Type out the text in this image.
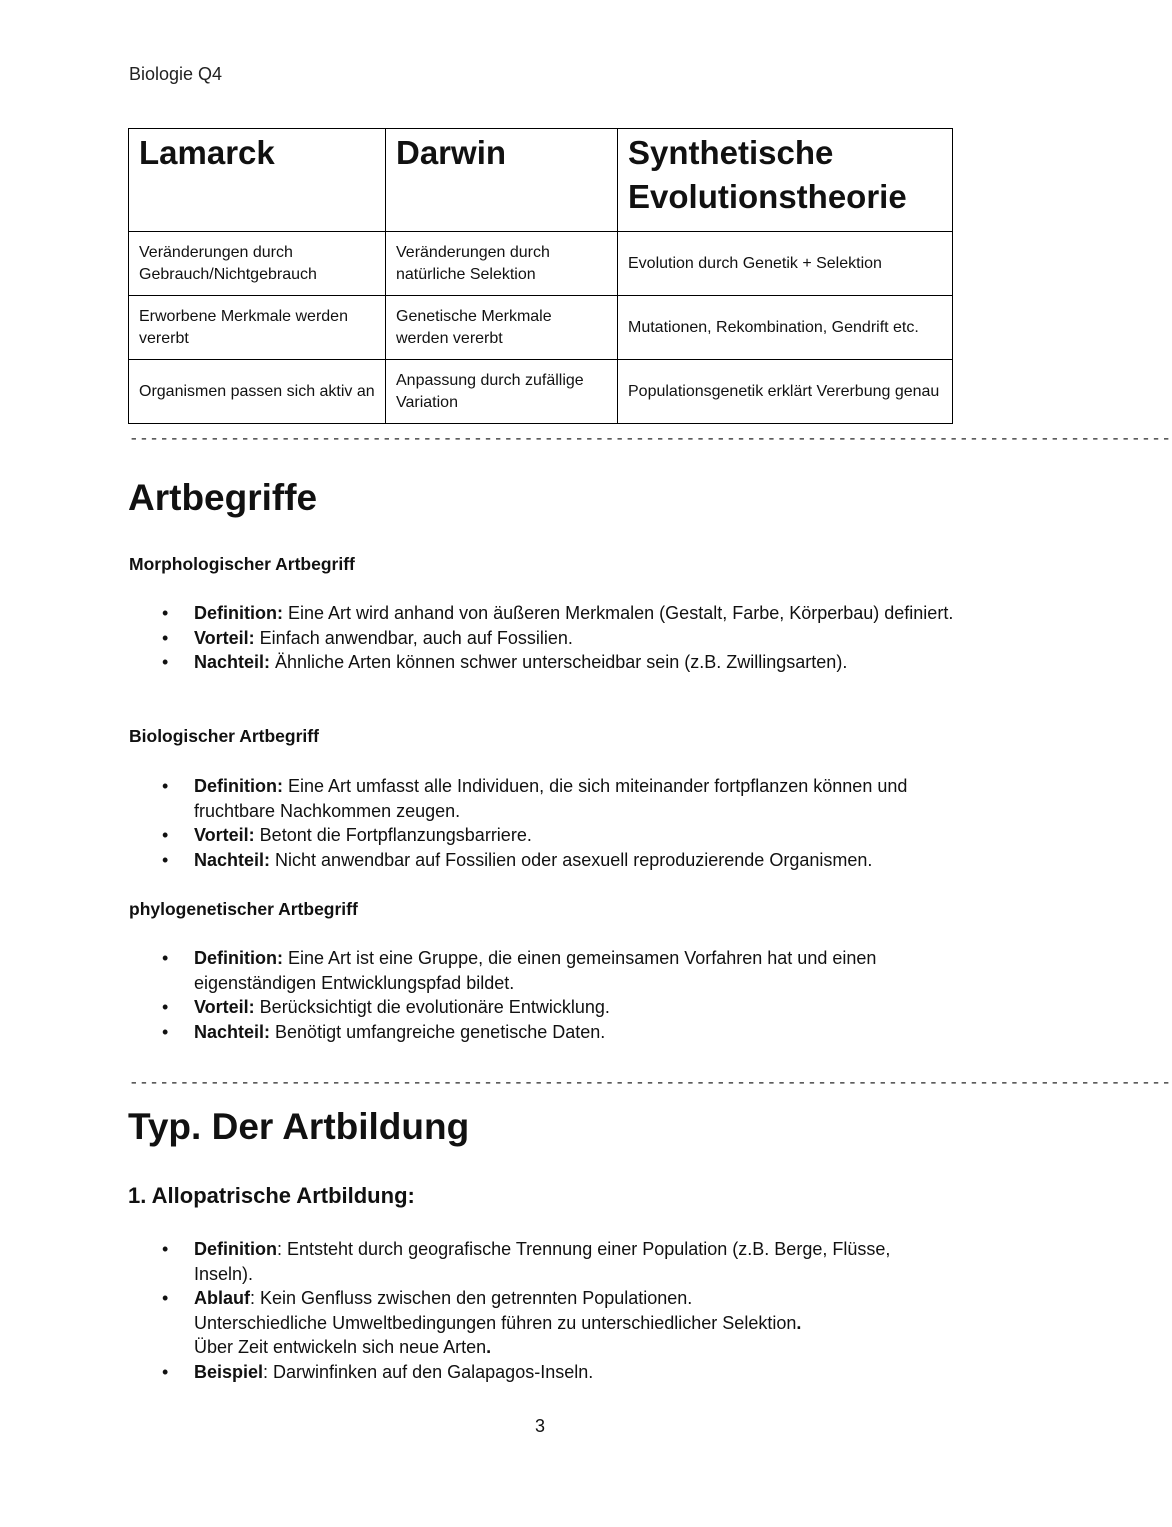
Biologie Q4
Lamarck	Darwin	Synthetische Evolutionstheorie
Veränderungen durch Gebrauch/Nichtgebrauch	Veränderungen durch natürliche Selektion	Evolution durch Genetik + Selektion
Erworbene Merkmale werden vererbt	Genetische Merkmale werden vererbt	Mutationen, Rekombination, Gendrift etc.
Organismen passen sich aktiv an	Anpassung durch zufällige Variation	Populationsgenetik erklärt Vererbung genau
-------------------------------------------------------------------------------------------------------
Artbegriffe
Morphologischer Artbegriff
• Definition: Eine Art wird anhand von äußeren Merkmalen (Gestalt, Farbe, Körperbau) definiert.
• Vorteil: Einfach anwendbar, auch auf Fossilien.
• Nachteil: Ähnliche Arten können schwer unterscheidbar sein (z.B. Zwillingsarten).
Biologischer Artbegriff
• Definition: Eine Art umfasst alle Individuen, die sich miteinander fortpflanzen können und fruchtbare Nachkommen zeugen.
• Vorteil: Betont die Fortpflanzungsbarriere.
• Nachteil: Nicht anwendbar auf Fossilien oder asexuell reproduzierende Organismen.
phylogenetischer Artbegriff
• Definition: Eine Art ist eine Gruppe, die einen gemeinsamen Vorfahren hat und einen eigenständigen Entwicklungspfad bildet.
• Vorteil: Berücksichtigt die evolutionäre Entwicklung.
• Nachteil: Benötigt umfangreiche genetische Daten.
-------------------------------------------------------------------------------------------------------
Typ. Der Artbildung
1. Allopatrische Artbildung:
• Definition: Entsteht durch geografische Trennung einer Population (z.B. Berge, Flüsse, Inseln).
• Ablauf: Kein Genfluss zwischen den getrennten Populationen.
Unterschiedliche Umweltbedingungen führen zu unterschiedlicher Selektion.
Über Zeit entwickeln sich neue Arten.
• Beispiel: Darwinfinken auf den Galapagos-Inseln.
3
